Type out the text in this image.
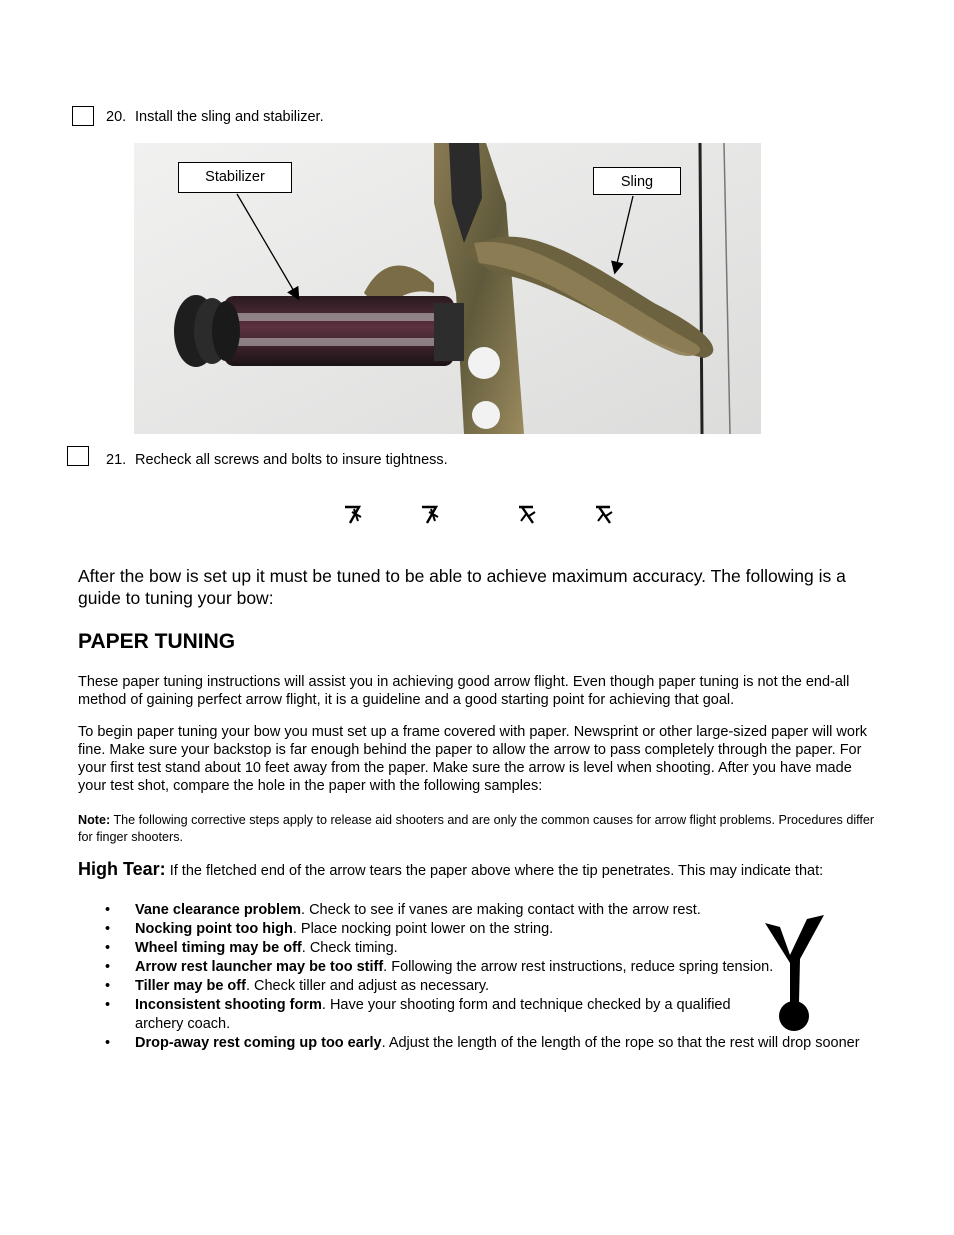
20. Install the sling and stabilizer.
Stabilizer	Sling
21. Recheck all screws and bolts to insure tightness.
After the bow is set up it must be tuned to be able to achieve maximum accuracy. The following is a guide to tuning your bow:
PAPER TUNING
These paper tuning instructions will assist you in achieving good arrow flight. Even though paper tuning is not the end-all method of gaining perfect arrow flight, it is a guideline and a good starting point for achieving that goal.
To begin paper tuning your bow you must set up a frame covered with paper. Newsprint or other large-sized paper will work fine. Make sure your backstop is far enough behind the paper to allow the arrow to pass completely through the paper. For your first test stand about 10 feet away from the paper. Make sure the arrow is level when shooting. After you have made your test shot, compare the hole in the paper with the following samples:
Note: The following corrective steps apply to release aid shooters and are only the common causes for arrow flight problems. Procedures differ for finger shooters.
High Tear: If the fletched end of the arrow tears the paper above where the tip penetrates. This may indicate that:
• Vane clearance problem. Check to see if vanes are making contact with the arrow rest.
• Nocking point too high. Place nocking point lower on the string.
• Wheel timing may be off. Check timing.
• Arrow rest launcher may be too stiff. Following the arrow rest instructions, reduce spring tension.
• Tiller may be off. Check tiller and adjust as necessary.
• Inconsistent shooting form. Have your shooting form and technique checked by a qualified archery coach.
• Drop-away rest coming up too early. Adjust the length of the length of the rope so that the rest will drop sooner
